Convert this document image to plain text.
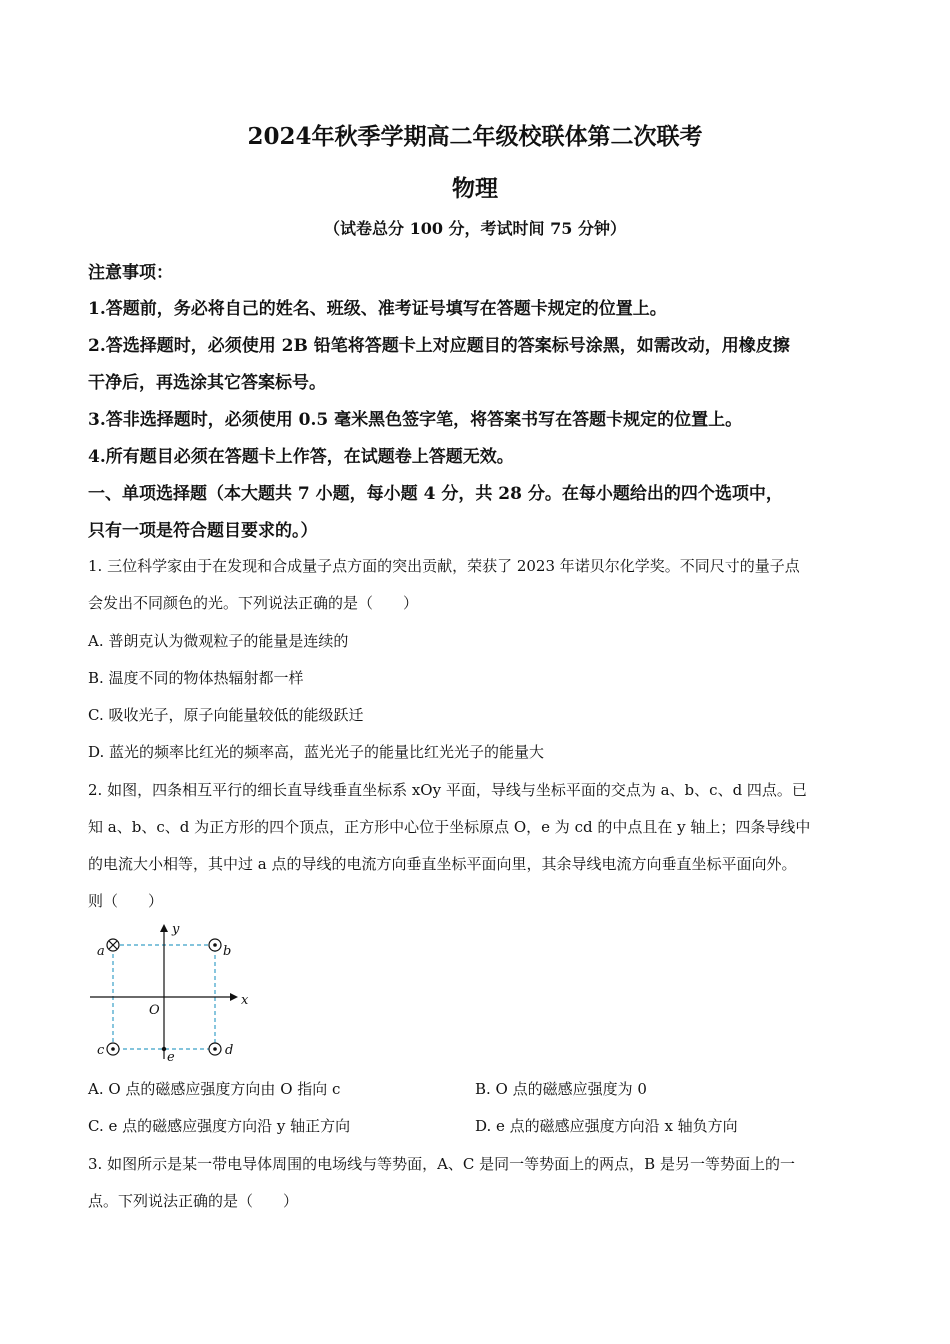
2024年秋季学期高二年级校联体第二次联考
物理
（试卷总分 100 分，考试时间 75 分钟）
注意事项：
1.答题前，务必将自己的姓名、班级、准考证号填写在答题卡规定的位置上。
2.答选择题时，必须使用 2B 铅笔将答题卡上对应题目的答案标号涂黑，如需改动，用橡皮擦
干净后，再选涂其它答案标号。
3.答非选择题时，必须使用 0.5 毫米黑色签字笔，将答案书写在答题卡规定的位置上。
4.所有题目必须在答题卡上作答，在试题卷上答题无效。
一、单项选择题（本大题共 7 小题，每小题 4 分，共 28 分。在每小题给出的四个选项中，
只有一项是符合题目要求的。）
1. 三位科学家由于在发现和合成量子点方面的突出贡献，荣获了 2023 年诺贝尔化学奖。不同尺寸的量子点
会发出不同颜色的光。下列说法正确的是（　　）
A. 普朗克认为微观粒子的能量是连续的
B. 温度不同的物体热辐射都一样
C. 吸收光子，原子向能量较低的能级跃迁
D. 蓝光的频率比红光的频率高，蓝光光子的能量比红光光子的能量大
2. 如图，四条相互平行的细长直导线垂直坐标系 xOy 平面，导线与坐标平面的交点为 a、b、c、d 四点。已
知 a、b、c、d 为正方形的四个顶点，正方形中心位于坐标原点 O，e 为 cd 的中点且在 y 轴上；四条导线中
的电流大小相等，其中过 a 点的导线的电流方向垂直坐标平面向里，其余导线电流方向垂直坐标平面向外。
则（　　）
a	b
c	d
e
O
x
y
A. O 点的磁感应强度方向由 O 指向 c	B. O 点的磁感应强度为 0
C. e 点的磁感应强度方向沿 y 轴正方向	D. e 点的磁感应强度方向沿 x 轴负方向
3. 如图所示是某一带电导体周围的电场线与等势面，A、C 是同一等势面上的两点，B 是另一等势面上的一
点。下列说法正确的是（　　）
